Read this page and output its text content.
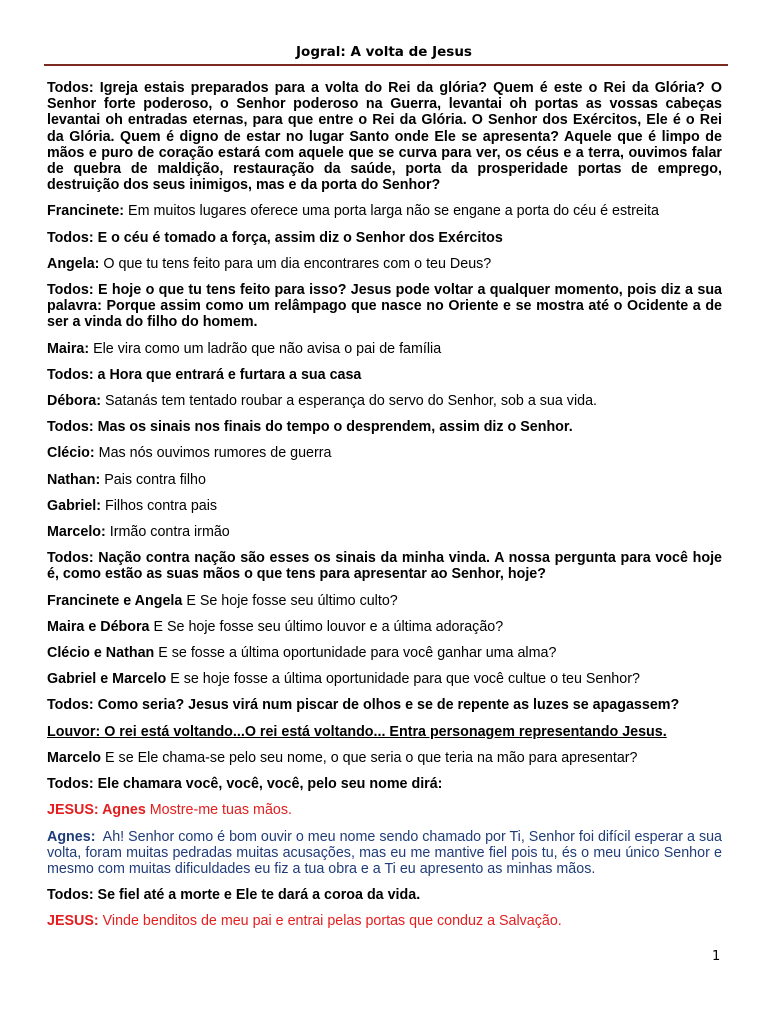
Jogral: A volta de Jesus

Todos: Igreja estais preparados para a volta do Rei da glória? Quem é este o Rei da Glória? O Senhor forte poderoso, o Senhor poderoso na Guerra, levantai oh portas as vossas cabeças levantai oh entradas eternas, para que entre o Rei da Glória. O Senhor dos Exércitos, Ele é o Rei da Glória. Quem é digno de estar no lugar Santo onde Ele se apresenta? Aquele que é limpo de mãos e puro de coração estará com aquele que se curva para ver, os céus e a terra, ouvimos falar de quebra de maldição, restauração da saúde, porta da prosperidade portas de emprego, destruição dos seus inimigos, mas e da porta do Senhor?

Francinete: Em muitos lugares oferece uma porta larga não se engane a porta do céu é estreita

Todos: E o céu é tomado a força, assim diz o Senhor dos Exércitos

Angela: O que tu tens feito para um dia encontrares com o teu Deus?

Todos: E hoje o que tu tens feito para isso? Jesus pode voltar a qualquer momento, pois diz a sua palavra: Porque assim como um relâmpago que nasce no Oriente e se mostra até o Ocidente a de ser a vinda do filho do homem.

Maira: Ele vira como um ladrão que não avisa o pai de família

Todos: a Hora que entrará e furtara a sua casa

Débora: Satanás tem tentado roubar a esperança do servo do Senhor, sob a sua vida.

Todos: Mas os sinais nos finais do tempo o desprendem, assim diz o Senhor.

Clécio: Mas nós ouvimos rumores de guerra

Nathan: Pais contra filho

Gabriel: Filhos contra pais

Marcelo: Irmão contra irmão

Todos: Nação contra nação são esses os sinais da minha vinda. A nossa pergunta para você hoje é, como estão as suas mãos o que tens para apresentar ao Senhor, hoje?

Francinete e Angela E Se hoje fosse seu último culto?

Maira e Débora E Se hoje fosse seu último louvor e a última adoração?

Clécio e Nathan E se fosse a última oportunidade para você ganhar uma alma?

Gabriel e Marcelo E se hoje fosse a última oportunidade para que você cultue o teu Senhor?

Todos: Como seria? Jesus virá num piscar de olhos e se de repente as luzes se apagassem?

Louvor: O rei está voltando...O rei está voltando... Entra personagem representando Jesus.

Marcelo E se Ele chama-se pelo seu nome, o que seria o que teria na mão para apresentar?

Todos: Ele chamara você, você, você, pelo seu nome dirá:

JESUS: Agnes Mostre-me tuas mãos.

Agnes: Ah! Senhor como é bom ouvir o meu nome sendo chamado por Ti, Senhor foi difícil esperar a sua volta, foram muitas pedradas muitas acusações, mas eu me mantive fiel pois tu, és o meu único Senhor e mesmo com muitas dificuldades eu fiz a tua obra e a Ti eu apresento as minhas mãos.

Todos: Se fiel até a morte e Ele te dará a coroa da vida.

JESUS: Vinde benditos de meu pai e entrai pelas portas que conduz a Salvação.

1
